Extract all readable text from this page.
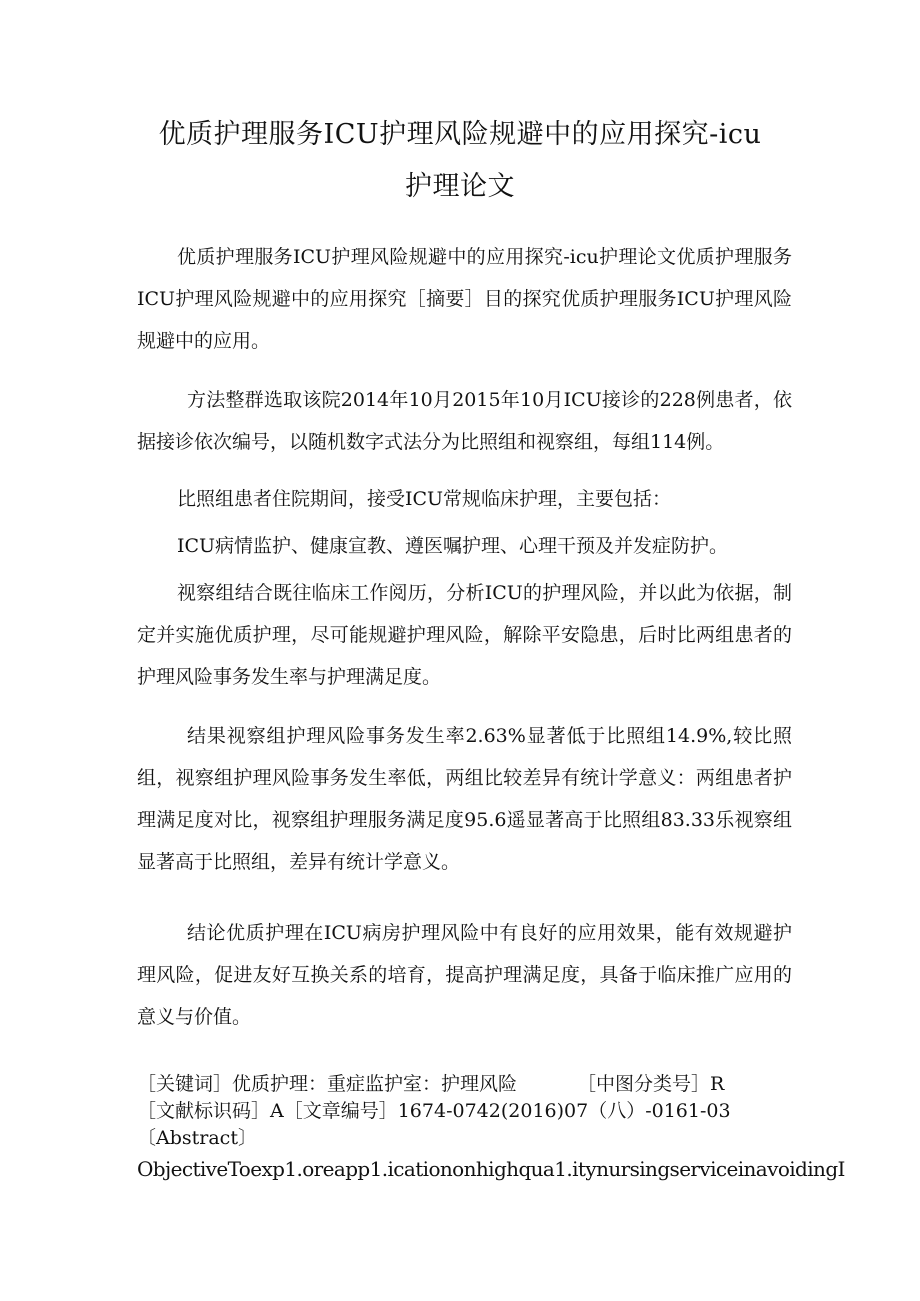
优质护理服务ICU护理风险规避中的应用探究-icu
护理论文

优质护理服务ICU护理风险规避中的应用探究-icu护理论文优质护理服务ICU护理风险规避中的应用探究［摘要］目的探究优质护理服务ICU护理风险规避中的应用。

方法整群选取该院2014年10月2015年10月ICU接诊的228例患者，依据接诊依次编号，以随机数字式法分为比照组和视察组，每组114例。

比照组患者住院期间，接受ICU常规临床护理，主要包括：

ICU病情监护、健康宣教、遵医嘱护理、心理干预及并发症防护。

视察组结合既往临床工作阅历，分析ICU的护理风险，并以此为依据，制定并实施优质护理，尽可能规避护理风险，解除平安隐患，后时比两组患者的护理风险事务发生率与护理满足度。

结果视察组护理风险事务发生率2.63%显著低于比照组14.9%,较比照组，视察组护理风险事务发生率低，两组比较差异有统计学意义：两组患者护理满足度对比，视察组护理服务满足度95.6遥显著高于比照组83.33乐视察组显著高于比照组，差异有统计学意义。

结论优质护理在ICU病房护理风险中有良好的应用效果，能有效规避护理风险，促进友好互换关系的培育，提高护理满足度，具备于临床推广应用的意义与价值。

［关键词］优质护理：重症监护室：护理风险	［中图分类号］R

［文献标识码］A［文章编号］1674-0742(2016)07（八）-0161-03

〔Abstract〕

ObjectiveToexp1.oreapp1.icationonhighqua1.itynursingserviceinavoidingI
